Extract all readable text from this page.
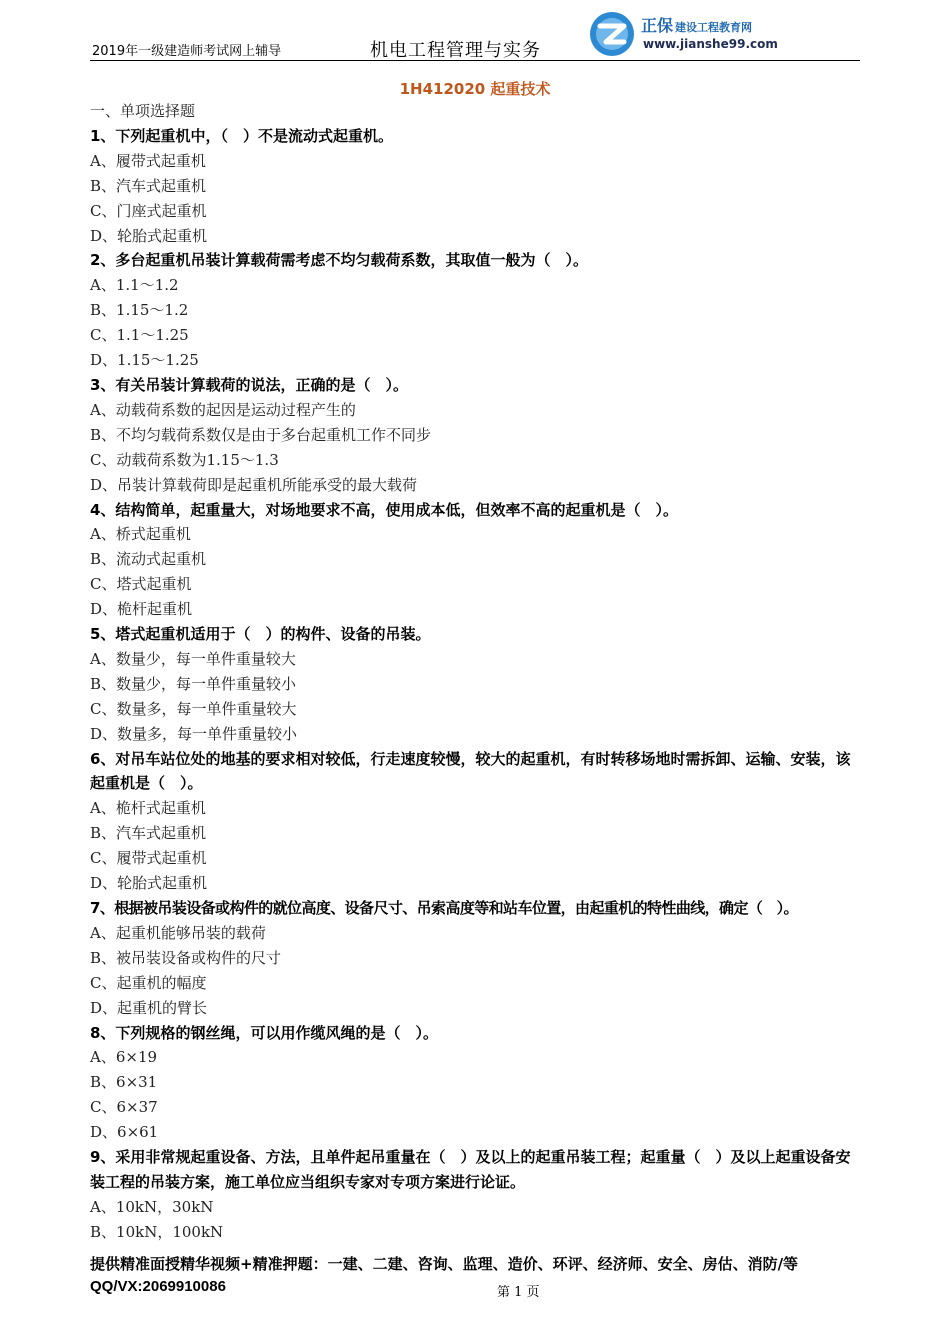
2019年一级建造师考试网上辅导	机电工程管理与实务
正保 建设工程教育网
www.jianshe99.com
1H412020 起重技术
一、单项选择题
1、下列起重机中，（　）不是流动式起重机。
A、履带式起重机
B、汽车式起重机
C、门座式起重机
D、轮胎式起重机
2、多台起重机吊装计算载荷需考虑不均匀载荷系数，其取值一般为（　）。
A、1.1～1.2
B、1.15～1.2
C、1.1～1.25
D、1.15～1.25
3、有关吊装计算载荷的说法，正确的是（　）。
A、动载荷系数的起因是运动过程产生的
B、不均匀载荷系数仅是由于多台起重机工作不同步
C、动载荷系数为1.15～1.3
D、吊装计算载荷即是起重机所能承受的最大载荷
4、结构简单，起重量大，对场地要求不高，使用成本低，但效率不高的起重机是（　）。
A、桥式起重机
B、流动式起重机
C、塔式起重机
D、桅杆起重机
5、塔式起重机适用于（　）的构件、设备的吊装。
A、数量少，每一单件重量较大
B、数量少，每一单件重量较小
C、数量多，每一单件重量较大
D、数量多，每一单件重量较小
6、对吊车站位处的地基的要求相对较低，行走速度较慢，较大的起重机，有时转移场地时需拆卸、运输、安装，该起重机是（　）。
A、桅杆式起重机
B、汽车式起重机
C、履带式起重机
D、轮胎式起重机
7、根据被吊装设备或构件的就位高度、设备尺寸、吊索高度等和站车位置，由起重机的特性曲线，确定（　）。
A、起重机能够吊装的载荷
B、被吊装设备或构件的尺寸
C、起重机的幅度
D、起重机的臂长
8、下列规格的钢丝绳，可以用作缆风绳的是（　）。
A、6×19
B、6×31
C、6×37
D、6×61
9、采用非常规起重设备、方法，且单件起吊重量在（　）及以上的起重吊装工程；起重量（　）及以上起重设备安装工程的吊装方案，施工单位应当组织专家对专项方案进行论证。
A、10kN，30kN
B、10kN，100kN
提供精准面授精华视频+精准押题：一建、二建、咨询、监理、造价、环评、经济师、安全、房估、消防/等
QQ/VX:2069910086	第 1 页
